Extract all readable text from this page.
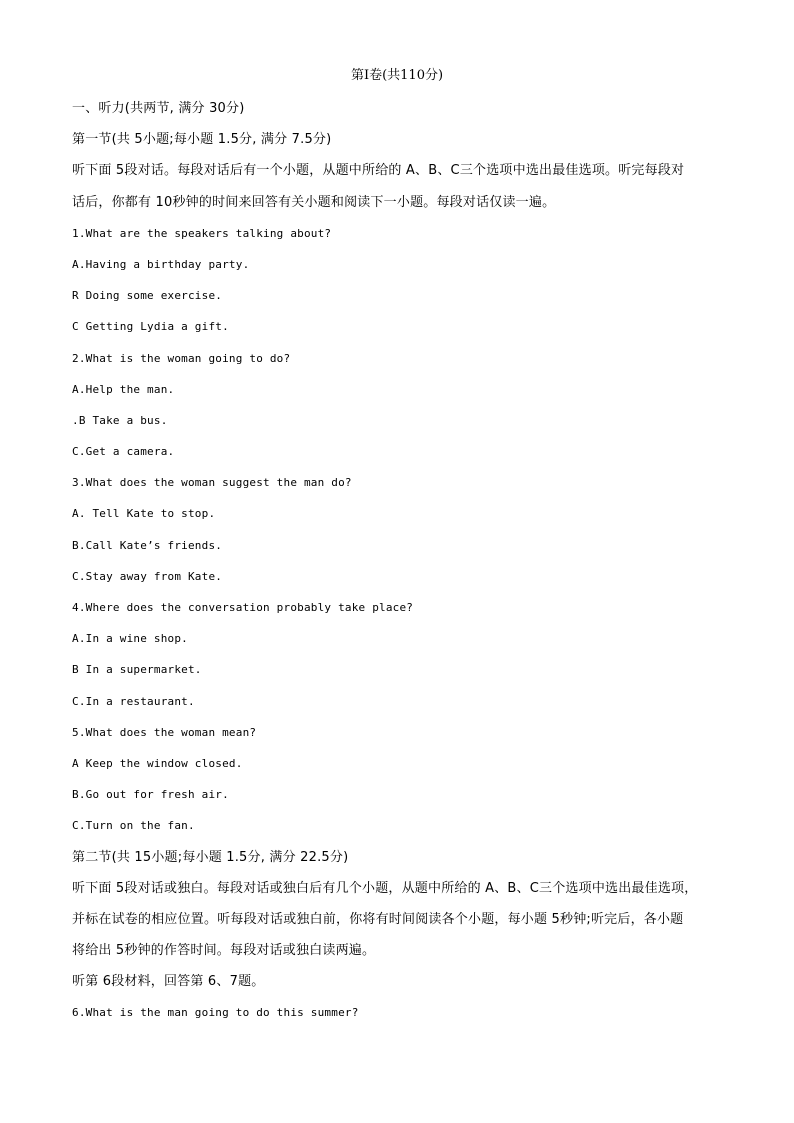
第Ⅰ卷(共110分)
一、听力(共两节, 满分 30分)
第一节(共 5小题;每小题 1.5分, 满分 7.5分)
听下面 5段对话。每段对话后有一个小题，从题中所给的 A、B、C三个选项中选出最佳选项。听完每段对
话后，你都有 10秒钟的时间来回答有关小题和阅读下一小题。每段对话仅读一遍。
1.What are the speakers talking about?
A.Having a birthday party.
R Doing some exercise.
C Getting Lydia a gift.
2.What is the woman going to do?
A.Help the man.
.B Take a bus.
C.Get a camera.
3.What does the woman suggest the man do?
A. Tell Kate to stop.
B.Call Kate’s friends.
C.Stay away from Kate.
4.Where does the conversation probably take place?
A.In a wine shop.
B In a supermarket.
C.In a restaurant.
5.What does the woman mean?
A Keep the window closed.
B.Go out for fresh air.
C.Turn on the fan.
第二节(共 15小题;每小题 1.5分, 满分 22.5分)
听下面 5段对话或独白。每段对话或独白后有几个小题，从题中所给的 A、B、C三个选项中选出最佳选项，
并标在试卷的相应位置。听每段对话或独白前，你将有时间阅读各个小题，每小题 5秒钟;听完后，各小题
将给出 5秒钟的作答时间。每段对话或独白读两遍。
听第 6段材料，回答第 6、7题。
6.What is the man going to do this summer?
